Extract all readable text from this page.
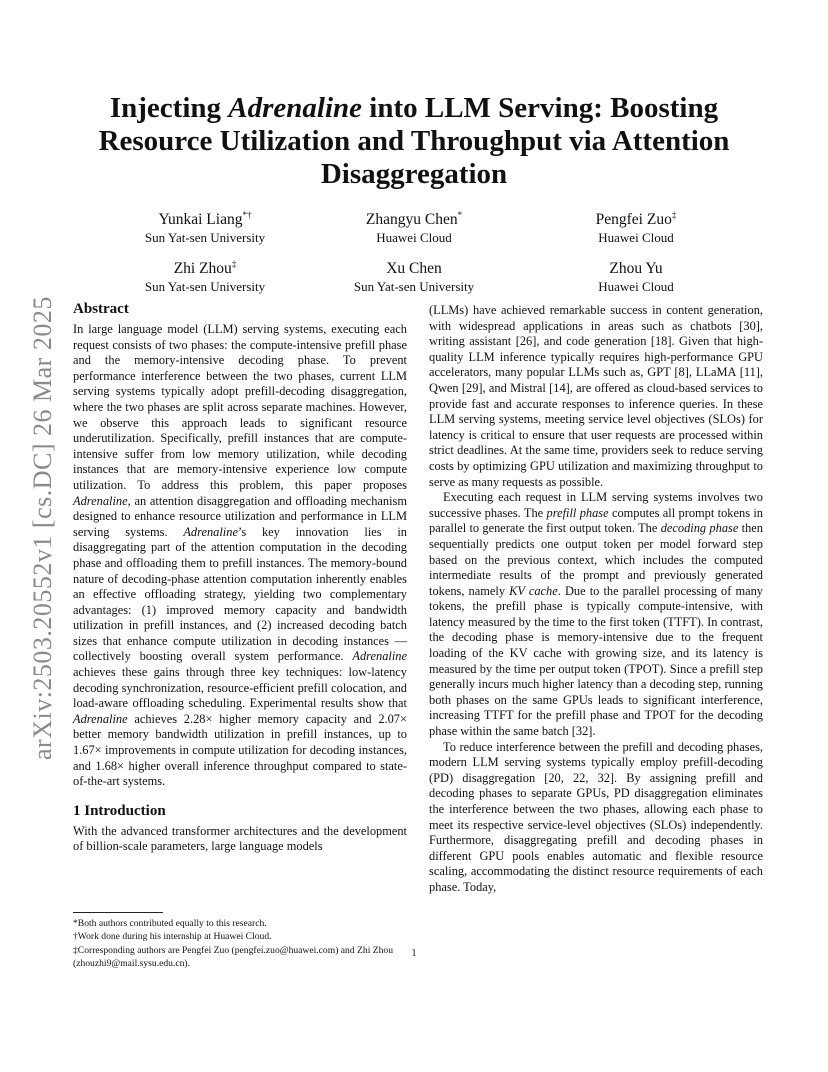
arXiv:2503.20552v1 [cs.DC] 26 Mar 2025
Injecting Adrenaline into LLM Serving: Boosting Resource Utilization and Throughput via Attention Disaggregation
Yunkai Liang*†
Sun Yat-sen University
Zhangyu Chen*
Huawei Cloud
Pengfei Zuo‡
Huawei Cloud
Zhi Zhou‡
Sun Yat-sen University
Xu Chen
Sun Yat-sen University
Zhou Yu
Huawei Cloud
Abstract

In large language model (LLM) serving systems, executing each request consists of two phases: the compute-intensive prefill phase and the memory-intensive decoding phase. To prevent performance interference between the two phases, current LLM serving systems typically adopt prefill-decoding disaggregation, where the two phases are split across separate machines. However, we observe this approach leads to significant resource underutilization. Specifically, prefill instances that are compute-intensive suffer from low memory utilization, while decoding instances that are memory-intensive experience low compute utilization. To address this problem, this paper proposes Adrenaline, an attention disaggregation and offloading mechanism designed to enhance resource utilization and performance in LLM serving systems. Adrenaline’s key innovation lies in disaggregating part of the attention computation in the decoding phase and offloading them to prefill instances. The memory-bound nature of decoding-phase attention computation inherently enables an effective offloading strategy, yielding two complementary advantages: (1) improved memory capacity and bandwidth utilization in prefill instances, and (2) increased decoding batch sizes that enhance compute utilization in decoding instances — collectively boosting overall system performance. Adrenaline achieves these gains through three key techniques: low-latency decoding synchronization, resource-efficient prefill colocation, and load-aware offloading scheduling. Experimental results show that Adrenaline achieves 2.28× higher memory capacity and 2.07× better memory bandwidth utilization in prefill instances, up to 1.67× improvements in compute utilization for decoding instances, and 1.68× higher overall inference throughput compared to state-of-the-art systems.

1 Introduction

With the advanced transformer architectures and the development of billion-scale parameters, large language models

*Both authors contributed equally to this research.

†Work done during his internship at Huawei Cloud.

‡Corresponding authors are Pengfei Zuo (pengfei.zuo@huawei.com) and Zhi Zhou (zhouzhi9@mail.sysu.edu.cn).

(LLMs) have achieved remarkable success in content generation, with widespread applications in areas such as chatbots [30], writing assistant [26], and code generation [18]. Given that high-quality LLM inference typically requires high-performance GPU accelerators, many popular LLMs such as, GPT [8], LLaMA [11], Qwen [29], and Mistral [14], are offered as cloud-based services to provide fast and accurate responses to inference queries. In these LLM serving systems, meeting service level objectives (SLOs) for latency is critical to ensure that user requests are processed within strict deadlines. At the same time, providers seek to reduce serving costs by optimizing GPU utilization and maximizing throughput to serve as many requests as possible.

Executing each request in LLM serving systems involves two successive phases. The prefill phase computes all prompt tokens in parallel to generate the first output token. The decoding phase then sequentially predicts one output token per model forward step based on the previous context, which includes the computed intermediate results of the prompt and previously generated tokens, namely KV cache. Due to the parallel processing of many tokens, the prefill phase is typically compute-intensive, with latency measured by the time to the first token (TTFT). In contrast, the decoding phase is memory-intensive due to the frequent loading of the KV cache with growing size, and its latency is measured by the time per output token (TPOT). Since a prefill step generally incurs much higher latency than a decoding step, running both phases on the same GPUs leads to significant interference, increasing TTFT for the prefill phase and TPOT for the decoding phase within the same batch [32].

To reduce interference between the prefill and decoding phases, modern LLM serving systems typically employ prefill-decoding (PD) disaggregation [20, 22, 32]. By assigning prefill and decoding phases to separate GPUs, PD disaggregation eliminates the interference between the two phases, allowing each phase to meet its respective service-level objectives (SLOs) independently. Furthermore, disaggregating prefill and decoding phases in different GPU pools enables automatic and flexible resource scaling, accommodating the distinct resource requirements of each phase. Today,

1
